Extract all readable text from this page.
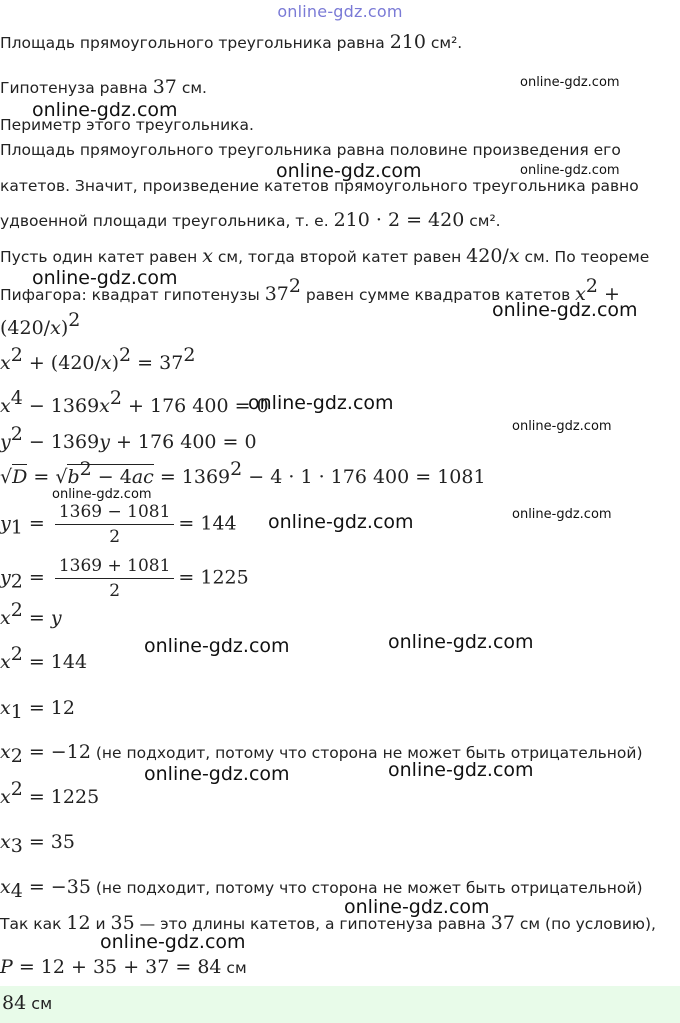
online-gdz.com
Площадь прямоугольного треугольника равна 210 см².
Гипотенуза равна 37 см.
Периметр этого треугольника.
Площадь прямоугольного треугольника равна половине произведения его
катетов. Значит, произведение катетов прямоугольного треугольника равно
удвоенной площади треугольника, т. е. 210 · 2 = 420 см².
Пусть один катет равен x см, тогда второй катет равен 420/x см. По теореме
Пифагора: квадрат гипотенузы $37^2$ равен сумме квадратов катетов $x^2$ +
$(420/x)^2$
$x^2 + (420/x)^2 = 37^2$
$x^4 - 1369x^2 + 176$ 400 = 0
$y^2 - 1369y + 176$ 400 = 0
$√D = √b^2 - 4ac = 1369^2 - 4 \cdot 1 \cdot 176$ 400 = 1081
$y_1 = \frac{1369 - 1081}{2} = 144$
$y_2 = \frac{1369 + 1081}{2} = 1225$
$x^2 = y$
$x^2 = 144$
$x_1 = 12$
$x_2 = -12$ (не подходит, потому что сторона не может быть отрицательной)
$x^2 = 1225$
$x_3 = 35$
$x_4 = -35$ (не подходит, потому что сторона не может быть отрицательной)
Так как 12 и 35 — это длины катетов, а гипотенуза равна 37 см (по условию),
P = 12 + 35 + 37 = 84 см
84 см
online-gdz.com
online-gdz.com
online-gdz.com
online-gdz.com
online-gdz.com
online-gdz.com
online-gdz.com
online-gdz.com
online-gdz.com
online-gdz.com
online-gdz.com
online-gdz.com	online-gdz.com
online-gdz.com	online-gdz.com
online-gdz.com
online-gdz.com
